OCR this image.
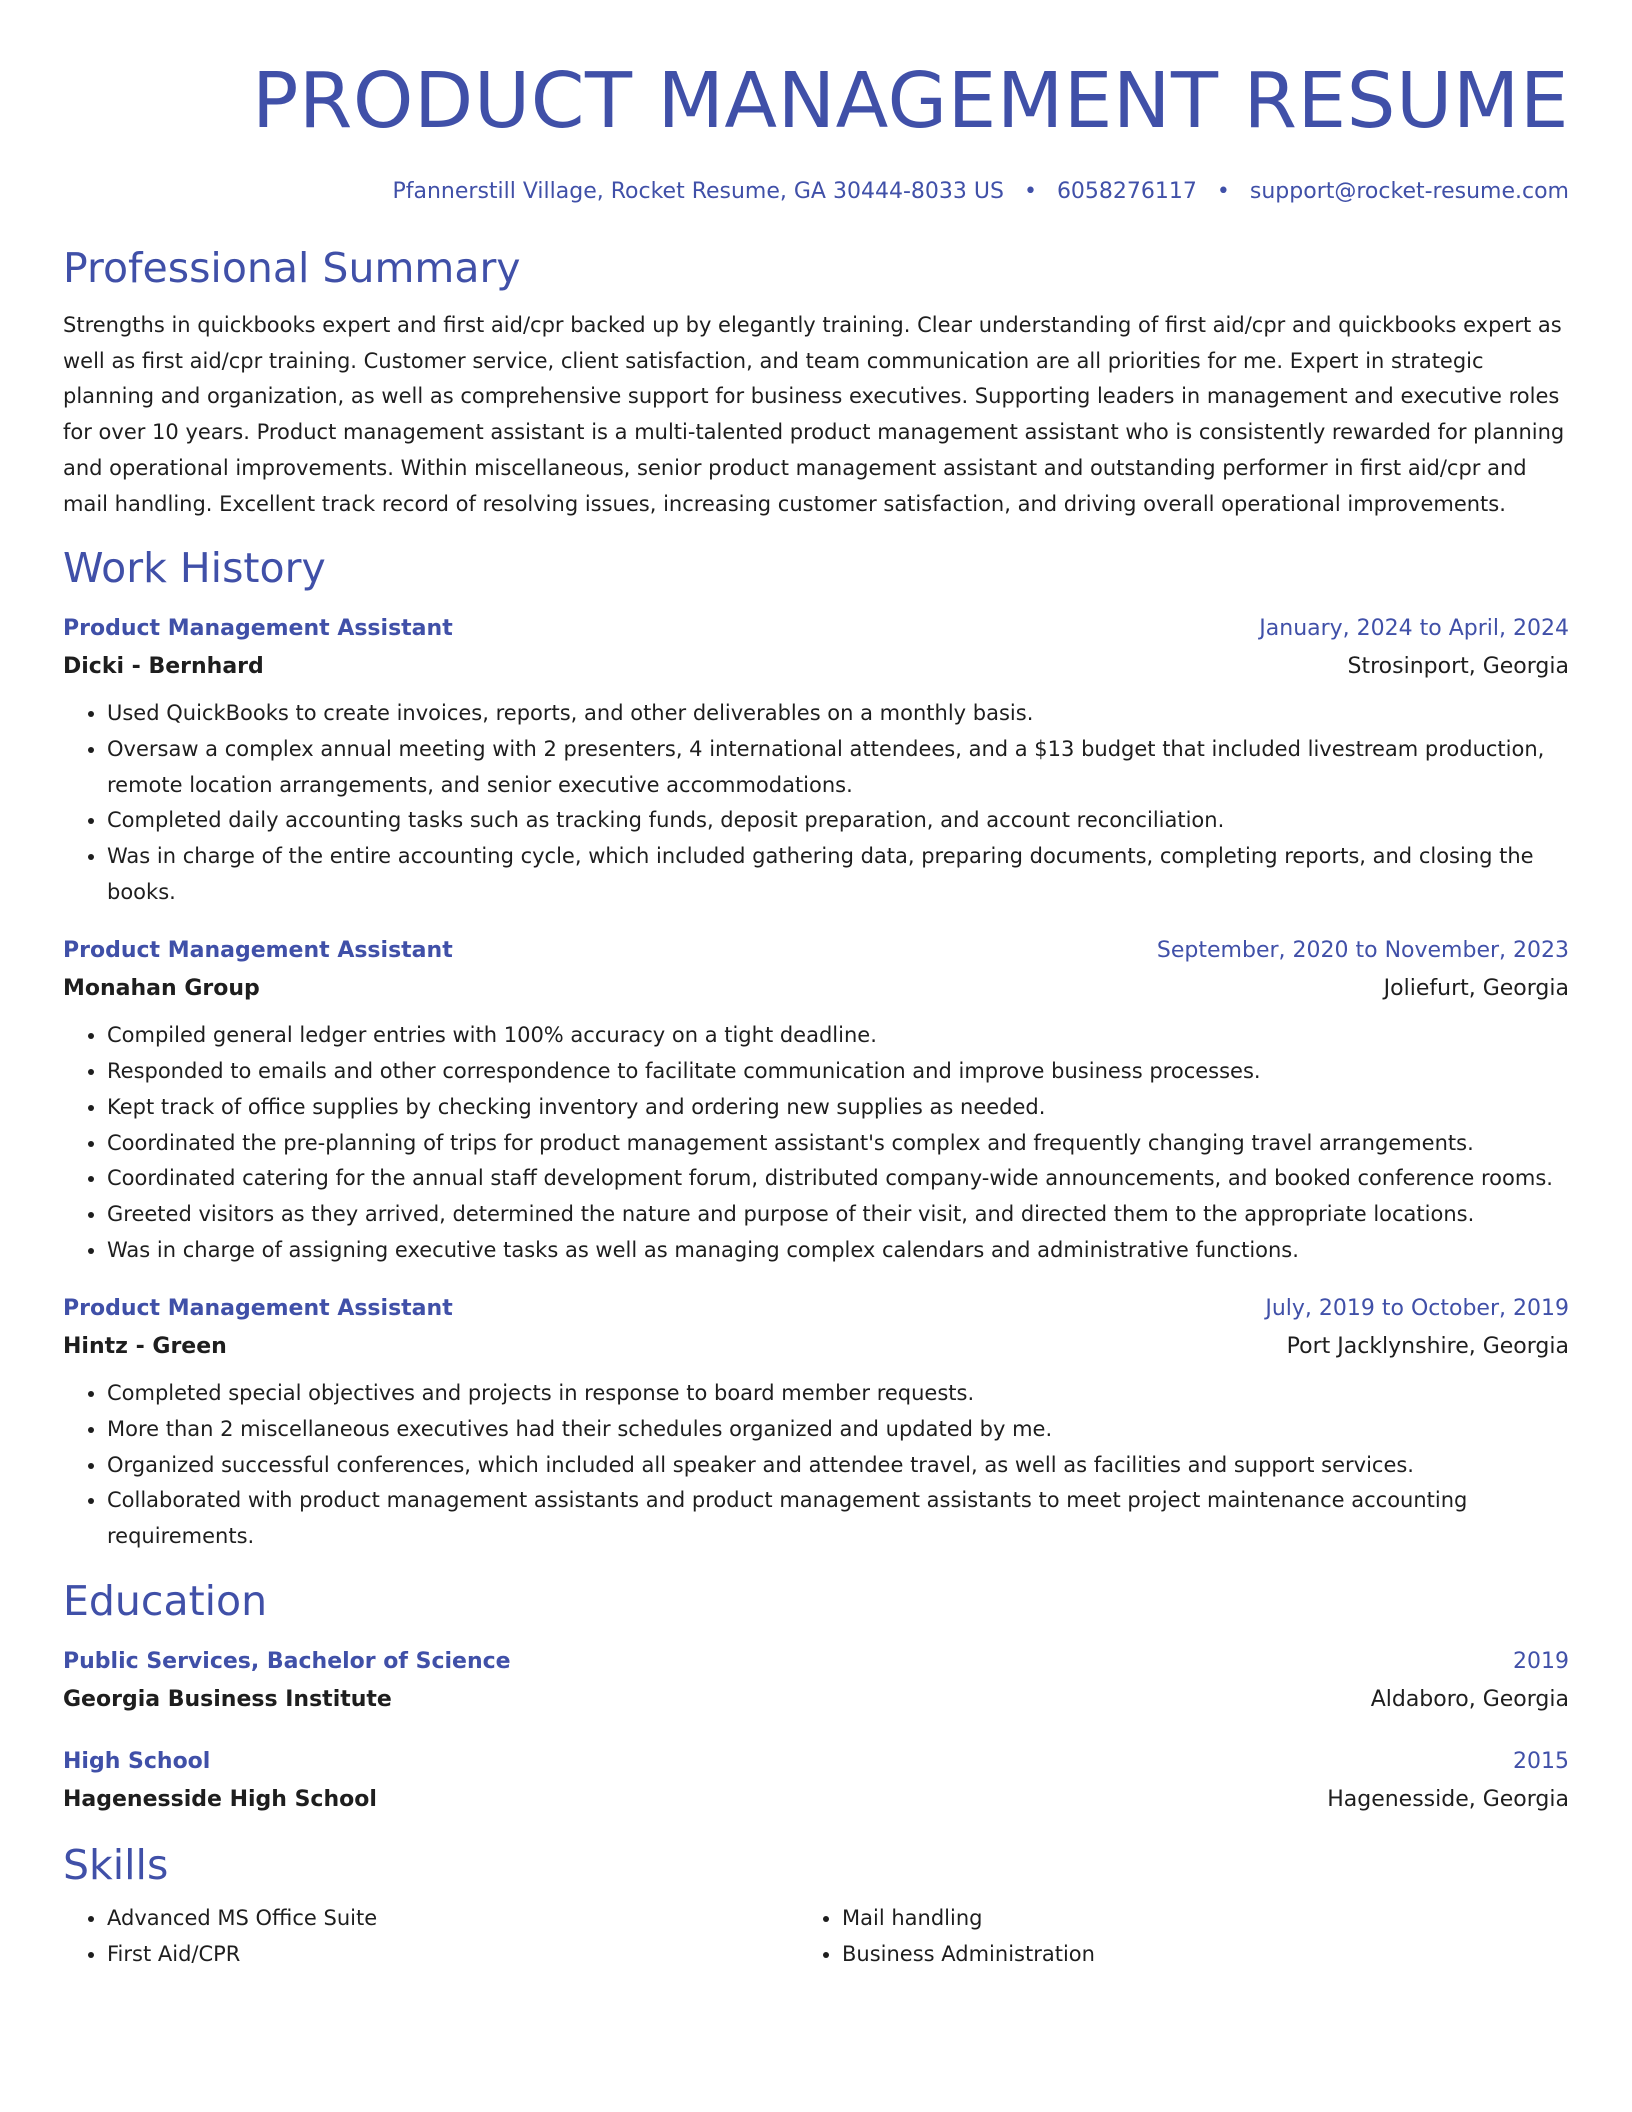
PRODUCT MANAGEMENT RESUME
Pfannerstill Village, Rocket Resume, GA 30444-8033 US • 6058276117 • support@rocket-resume.com
Professional Summary
Strengths in quickbooks expert and first aid/cpr backed up by elegantly training. Clear understanding of first aid/cpr and quickbooks expert as well as first aid/cpr training. Customer service, client satisfaction, and team communication are all priorities for me. Expert in strategic planning and organization, as well as comprehensive support for business executives. Supporting leaders in management and executive roles for over 10 years. Product management assistant is a multi-talented product management assistant who is consistently rewarded for planning and operational improvements. Within miscellaneous, senior product management assistant and outstanding performer in first aid/cpr and mail handling. Excellent track record of resolving issues, increasing customer satisfaction, and driving overall operational improvements.
Work History
Product Management Assistant	January, 2024 to April, 2024
Dicki - Bernhard	Strosinport, Georgia
• Used QuickBooks to create invoices, reports, and other deliverables on a monthly basis.
• Oversaw a complex annual meeting with 2 presenters, 4 international attendees, and a $13 budget that included livestream production, remote location arrangements, and senior executive accommodations.
• Completed daily accounting tasks such as tracking funds, deposit preparation, and account reconciliation.
• Was in charge of the entire accounting cycle, which included gathering data, preparing documents, completing reports, and closing the books.
Product Management Assistant	September, 2020 to November, 2023
Monahan Group	Joliefurt, Georgia
• Compiled general ledger entries with 100% accuracy on a tight deadline.
• Responded to emails and other correspondence to facilitate communication and improve business processes.
• Kept track of office supplies by checking inventory and ordering new supplies as needed.
• Coordinated the pre-planning of trips for product management assistant's complex and frequently changing travel arrangements.
• Coordinated catering for the annual staff development forum, distributed company-wide announcements, and booked conference rooms.
• Greeted visitors as they arrived, determined the nature and purpose of their visit, and directed them to the appropriate locations.
• Was in charge of assigning executive tasks as well as managing complex calendars and administrative functions.
Product Management Assistant	July, 2019 to October, 2019
Hintz - Green	Port Jacklynshire, Georgia
• Completed special objectives and projects in response to board member requests.
• More than 2 miscellaneous executives had their schedules organized and updated by me.
• Organized successful conferences, which included all speaker and attendee travel, as well as facilities and support services.
• Collaborated with product management assistants and product management assistants to meet project maintenance accounting requirements.
Education
Public Services, Bachelor of Science	2019
Georgia Business Institute	Aldaboro, Georgia
High School	2015
Hagenesside High School	Hagenesside, Georgia
Skills
• Advanced MS Office Suite
• First Aid/CPR
• Mail handling
• Business Administration
